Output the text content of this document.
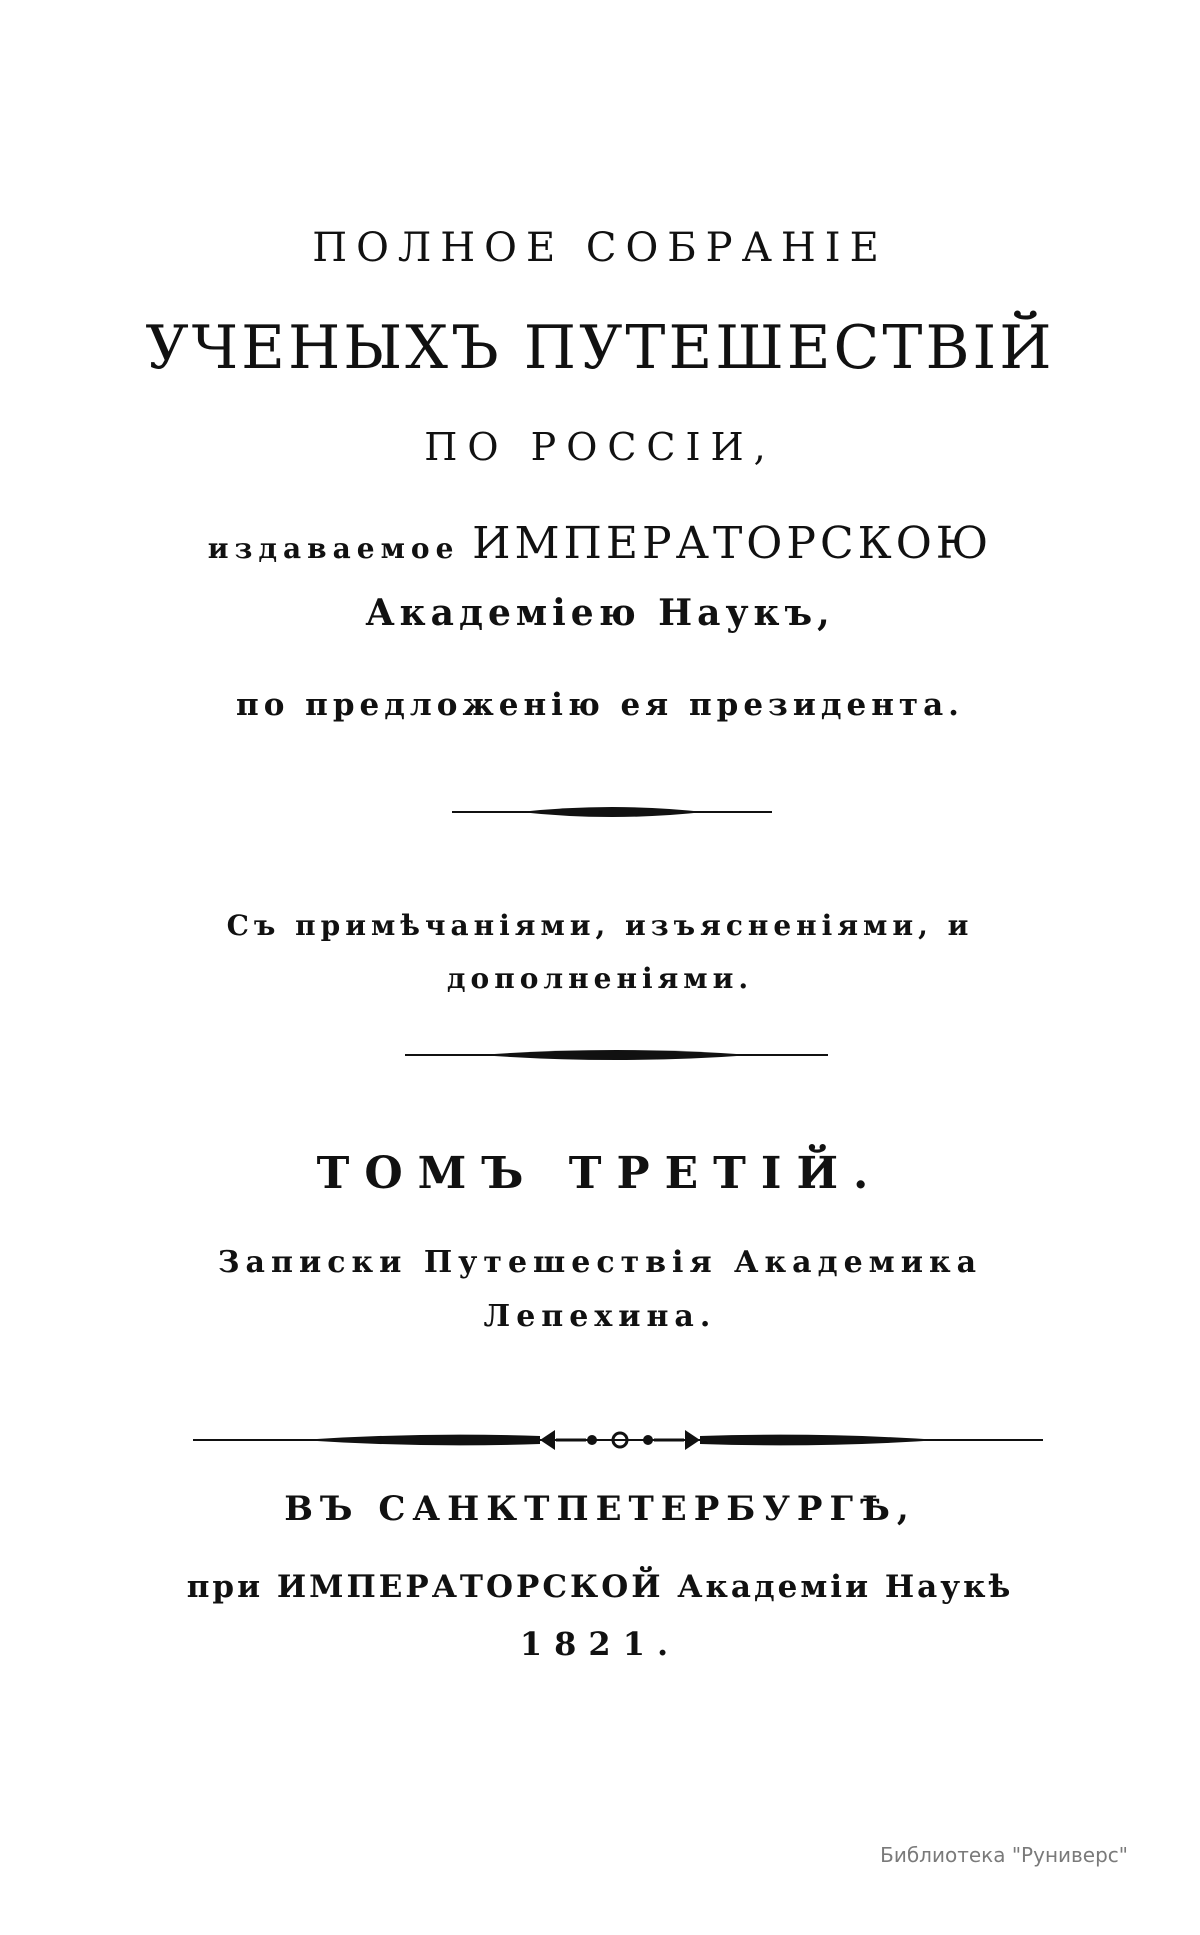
ПОЛНОЕ СОБРАНІЕ
УЧЕНЫХЪ ПУТЕШЕСТВІЙ
ПО РОССІИ,
издаваемое ИМПЕРАТОРСКОЮ
Академіею Наукъ,
по предложенію ея президента.
Съ примѣчаніями, изъясненіями, и
дополненіями.
ТОМЪ ТРЕТІЙ.
Записки Путешествія Академика
Лепехина.
ВЪ САНКТПЕТЕРБУРГѢ,
при ИМПЕРАТОРСКОЙ Академіи Наукѣ
1821.
Библиотека "Руниверс"
